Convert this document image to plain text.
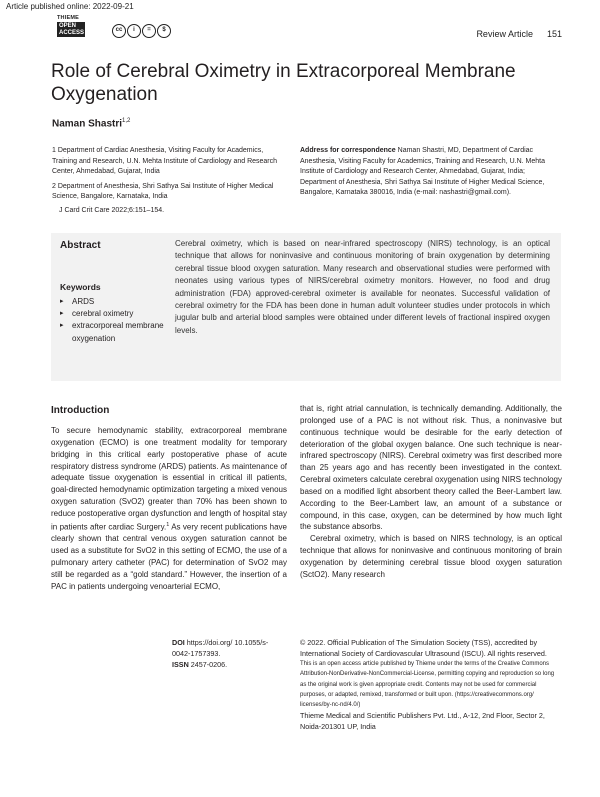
Article published online: 2022-09-21
THIEME
OPEN
ACCESS	cc	i	=	$	Review Article 151
Role of Cerebral Oximetry in Extracorporeal Membrane Oxygenation
Naman Shastri$^{1,2}$

1 Department of Cardiac Anesthesia, Visiting Faculty for Academics, Training and Research, U.N. Mehta Institute of Cardiology and Research Center, Ahmedabad, Gujarat, India

2 Department of Anesthesia, Shri Sathya Sai Institute of Higher Medical Science, Bangalore, Karnataka, India

J Card Crit Care 2022;6:151–154.
Address for correspondence Naman Shastri, MD, Department of Cardiac Anesthesia, Visiting Faculty for Academics, Training and Research, U.N. Mehta Institute of Cardiology and Research Center, Ahmedabad, Gujarat, India; Department of Anesthesia, Shri Sathya Sai Institute of Higher Medical Science, Bangalore, Karnataka 380016, India (e-mail: nashastri@gmail.com).
Abstract	Cerebral oximetry, which is based on near-infrared spectroscopy (NIRS) technology, is an optical technique that allows for noninvasive and continuous monitoring of brain oxygenation by determining cerebral tissue blood oxygen saturation. Many research and observational studies were performed with neonates using various types of NIRS/cerebral oximetry monitors. However, no food and drug administration (FDA) approved-cerebral oximeter is available for neonates. Successful validation of cerebral oximetry for the FDA has been done in human adult volunteer studies under protocols in which jugular bulb and arterial blood samples were obtained under different levels of fractional inspired oxygen levels.
Keywords
▸ ARDS
▸ cerebral oximetry
▸ extracorporeal membrane oxygenation
Introduction

To secure hemodynamic stability, extracorporeal membrane oxygenation (ECMO) is one treatment modality for temporary bridging in this critical early postoperative phase of acute respiratory distress syndrome (ARDS) patients. As maintenance of adequate tissue oxygenation is essential in critical ill patients, goal-directed hemodynamic optimization targeting a mixed venous oxygen saturation (SvO2) greater than 70% has been shown to reduce postoperative organ dysfunction and length of hospital stay in patients after cardiac Surgery.$^1$ As very recent publications have clearly shown that central venous oxygen saturation cannot be used as a substitute for SvO2 in this setting of ECMO, the use of a pulmonary artery catheter (PAC) for determination of SvO2 may still be regarded as a “gold standard.” However, the insertion of a PAC in patients undergoing venoarterial ECMO,

that is, right atrial cannulation, is technically demanding. Additionally, the prolonged use of a PAC is not without risk. Thus, a noninvasive but continuous technique would be desirable for the early detection of deterioration of the global oxygen balance. One such technique is near-infrared spectroscopy (NIRS). Cerebral oximetry was first described more than 25 years ago and has recently been investigated in the context. Cerebral oximeters calculate cerebral oxygenation using NIRS technology based on a modified light absorbent theory called the Beer-Lambert law. According to the Beer-Lambert law, an amount of a substance or compound, in this case, oxygen, can be determined by how much light the substance absorbs.

Cerebral oximetry, which is based on NIRS technology, is an optical technique that allows for noninvasive and continuous monitoring of brain oxygenation by determining cerebral tissue blood oxygen saturation (SctO2). Many research

DOI https://doi.org/ 10.1055/s-0042-1757393.
ISSN 2457-0206.
© 2022. Official Publication of The Simulation Society (TSS), accredited by International Society of Cardiovascular Ultrasound (ISCU). All rights reserved.
This is an open access article published by Thieme under the terms of the Creative Commons Attribution-NonDerivative-NonCommercial-License, permitting copying and reproduction so long as the original work is given appropriate credit. Contents may not be used for commercial purposes, or adapted, remixed, transformed or built upon. (https://creativecommons.org/ licenses/by-nc-nd/4.0/)
Thieme Medical and Scientific Publishers Pvt. Ltd., A-12, 2nd Floor, Sector 2, Noida-201301 UP, India
